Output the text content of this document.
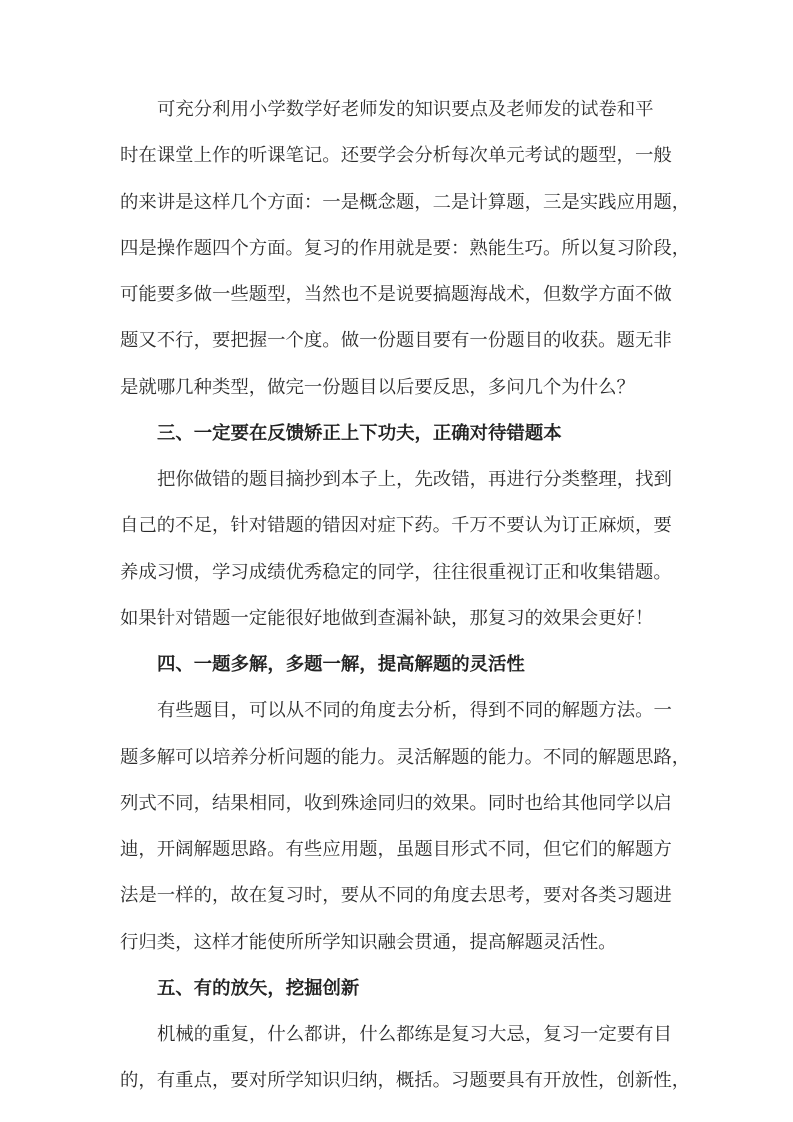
可充分利用小学数学好老师发的知识要点及老师发的试卷和平
时在课堂上作的听课笔记。还要学会分析每次单元考试的题型，一般
的来讲是这样几个方面：一是概念题，二是计算题，三是实践应用题，
四是操作题四个方面。复习的作用就是要：熟能生巧。所以复习阶段，
可能要多做一些题型，当然也不是说要搞题海战术，但数学方面不做
题又不行，要把握一个度。做一份题目要有一份题目的收获。题无非
是就哪几种类型，做完一份题目以后要反思，多问几个为什么？
三、一定要在反馈矫正上下功夫，正确对待错题本
把你做错的题目摘抄到本子上，先改错，再进行分类整理，找到
自己的不足，针对错题的错因对症下药。千万不要认为订正麻烦，要
养成习惯，学习成绩优秀稳定的同学，往往很重视订正和收集错题。
如果针对错题一定能很好地做到查漏补缺，那复习的效果会更好！
四、一题多解，多题一解，提高解题的灵活性
有些题目，可以从不同的角度去分析，得到不同的解题方法。一
题多解可以培养分析问题的能力。灵活解题的能力。不同的解题思路，
列式不同，结果相同，收到殊途同归的效果。同时也给其他同学以启
迪，开阔解题思路。有些应用题，虽题目形式不同，但它们的解题方
法是一样的，故在复习时，要从不同的角度去思考，要对各类习题进
行归类，这样才能使所所学知识融会贯通，提高解题灵活性。
五、有的放矢，挖掘创新
机械的重复，什么都讲，什么都练是复习大忌，复习一定要有目
的，有重点，要对所学知识归纳，概括。习题要具有开放性，创新性，
